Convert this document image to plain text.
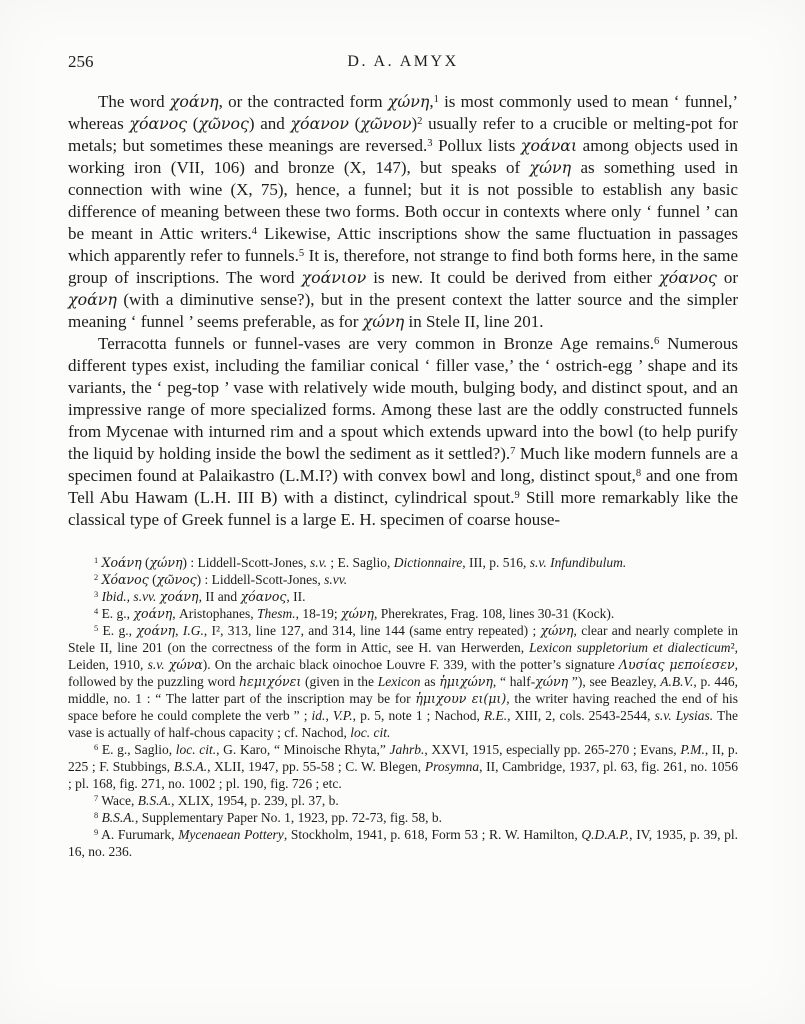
256	D. A. AMYX

The word χοάνη, or the contracted form χώνη,$^1$ is most commonly used to mean ‘ funnel,’ whereas χόανος (χῶνος) and χόανον (χῶνον)$^2$ usually refer to a crucible or melting-pot for metals; but sometimes these meanings are reversed.$^3$ Pollux lists χοάναι among objects used in working iron (VII, 106) and bronze (X, 147), but speaks of χώνη as something used in connection with wine (X, 75), hence, a funnel; but it is not possible to establish any basic difference of meaning between these two forms. Both occur in contexts where only ‘ funnel ’ can be meant in Attic writers.$^4$ Likewise, Attic inscriptions show the same fluctuation in passages which apparently refer to funnels.$^5$ It is, therefore, not strange to find both forms here, in the same group of inscriptions. The word χοάνιον is new. It could be derived from either χόανος or χοάνη (with a diminutive sense?), but in the present context the latter source and the simpler meaning ‘ funnel ’ seems preferable, as for χώνη in Stele II, line 201.

Terracotta funnels or funnel-vases are very common in Bronze Age remains.$^6$ Numerous different types exist, including the familiar conical ‘ filler vase,’ the ‘ ostrich-egg ’ shape and its variants, the ‘ peg-top ’ vase with relatively wide mouth, bulging body, and distinct spout, and an impressive range of more specialized forms. Among these last are the oddly constructed funnels from Mycenae with inturned rim and a spout which extends upward into the bowl (to help purify the liquid by holding inside the bowl the sediment as it settled?).$^7$ Much like modern funnels are a specimen found at Palaikastro (L.M.I?) with convex bowl and long, distinct spout,$^8$ and one from Tell Abu Hawam (L.H. III B) with a distinct, cylindrical spout.$^9$ Still more remarkably like the classical type of Greek funnel is a large E. H. specimen of coarse house-

$^1$ Χοάνη (χώνη) : Liddell-Scott-Jones, s.v. ; E. Saglio, Dictionnaire, III, p. 516, s.v. Infundibulum.

$^2$ Χόανος (χῶνος) : Liddell-Scott-Jones, s.vv.

$^3$ Ibid., s.vv. χοάνη, II and χόανος, II.

$^4$ E. g., χοάνη, Aristophanes, Thesm., 18-19; χώνη, Pherekrates, Frag. 108, lines 30-31 (Kock).

$^5$ E. g., χοάνη, I.G., I², 313, line 127, and 314, line 144 (same entry repeated) ; χώνη, clear and nearly complete in Stele II, line 201 (on the correctness of the form in Attic, see H. van Herwerden, Lexicon suppletorium et dialecticum², Leiden, 1910, s.v. χώνα). On the archaic black oinochoe Louvre F. 339, with the potter’s signature Λυσίας μεποίεσεν, followed by the puzzling word hεμιχόνει (given in the Lexicon as ἡμιχώνη, “ half-χώνη ”), see Beazley, A.B.V., p. 446, middle, no. 1 : “ The latter part of the inscription may be for ἡμιχουν ει(μι), the writer having reached the end of his space before he could complete the verb ” ; id., V.P., p. 5, note 1 ; Nachod, R.E., XIII, 2, cols. 2543-2544, s.v. Lysias. The vase is actually of half-chous capacity ; cf. Nachod, loc. cit.

$^6$ E. g., Saglio, loc. cit., G. Karo, “ Minoische Rhyta,” Jahrb., XXVI, 1915, especially pp. 265-270 ; Evans, P.M., II, p. 225 ; F. Stubbings, B.S.A., XLII, 1947, pp. 55-58 ; C. W. Blegen, Prosymna, II, Cambridge, 1937, pl. 63, fig. 261, no. 1056 ; pl. 168, fig. 271, no. 1002 ; pl. 190, fig. 726 ; etc.

$^7$ Wace, B.S.A., XLIX, 1954, p. 239, pl. 37, b.

$^8$ B.S.A., Supplementary Paper No. 1, 1923, pp. 72-73, fig. 58, b.

$^9$ A. Furumark, Mycenaean Pottery, Stockholm, 1941, p. 618, Form 53 ; R. W. Hamilton, Q.D.A.P., IV, 1935, p. 39, pl. 16, no. 236.
